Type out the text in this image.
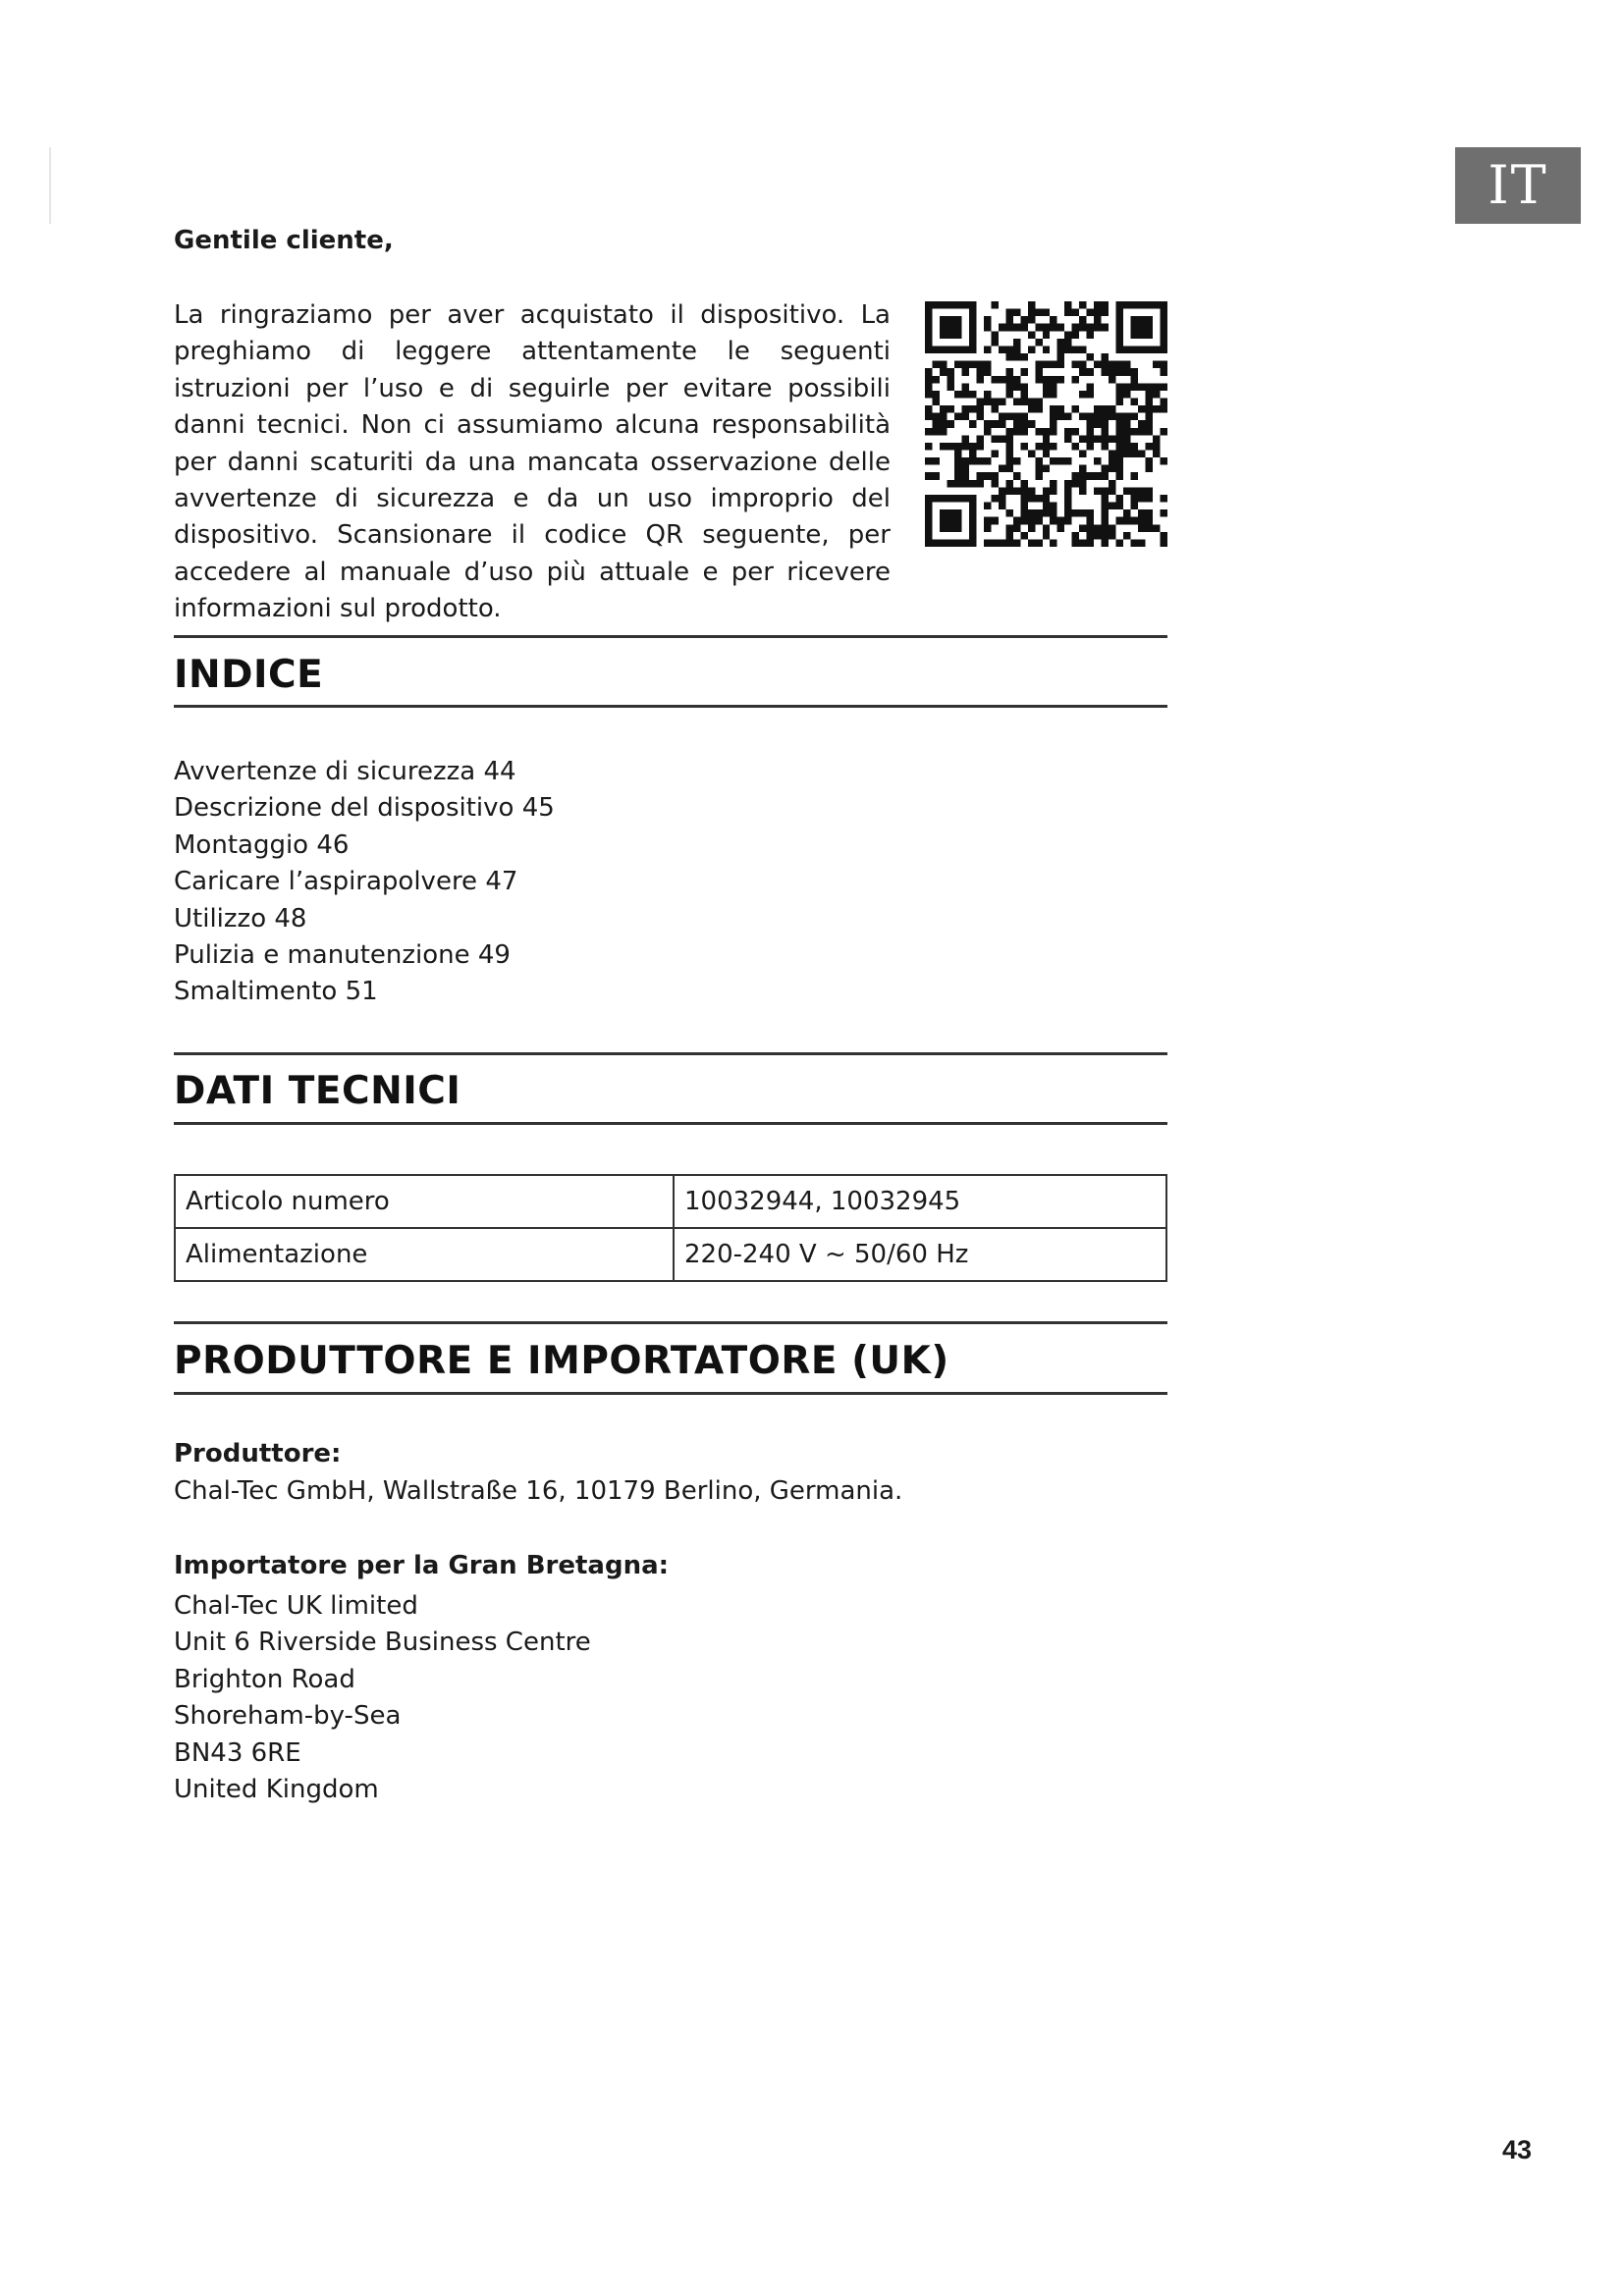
IT

Gentile cliente,

La ringraziamo per aver acquistato il dispositivo. La preghiamo di leggere attentamente le seguenti istruzioni per l’uso e di seguirle per evitare possibili danni tecnici. Non ci assumiamo alcuna responsabilità per danni scaturiti da una mancata osservazione delle avvertenze di sicurezza e da un uso improprio del dispositivo. Scansionare il codice QR seguente, per accedere al manuale d’uso più attuale e per ricevere informazioni sul prodotto.

INDICE
Avvertenze di sicurezza 44
Descrizione del dispositivo 45
Montaggio 46
Caricare l’aspirapolvere 47
Utilizzo 48
Pulizia e manutenzione 49
Smaltimento 51
DATI TECNICI
Articolo numero	10032944, 10032945
Alimentazione	220-240 V ~ 50/60 Hz
PRODUTTORE E IMPORTATORE (UK)

Produttore:

Chal-Tec GmbH, Wallstraße 16, 10179 Berlino, Germania.

Importatore per la Gran Bretagna:

Chal-Tec UK limited
Unit 6 Riverside Business Centre
Brighton Road
Shoreham-by-Sea
BN43 6RE
United Kingdom

43
